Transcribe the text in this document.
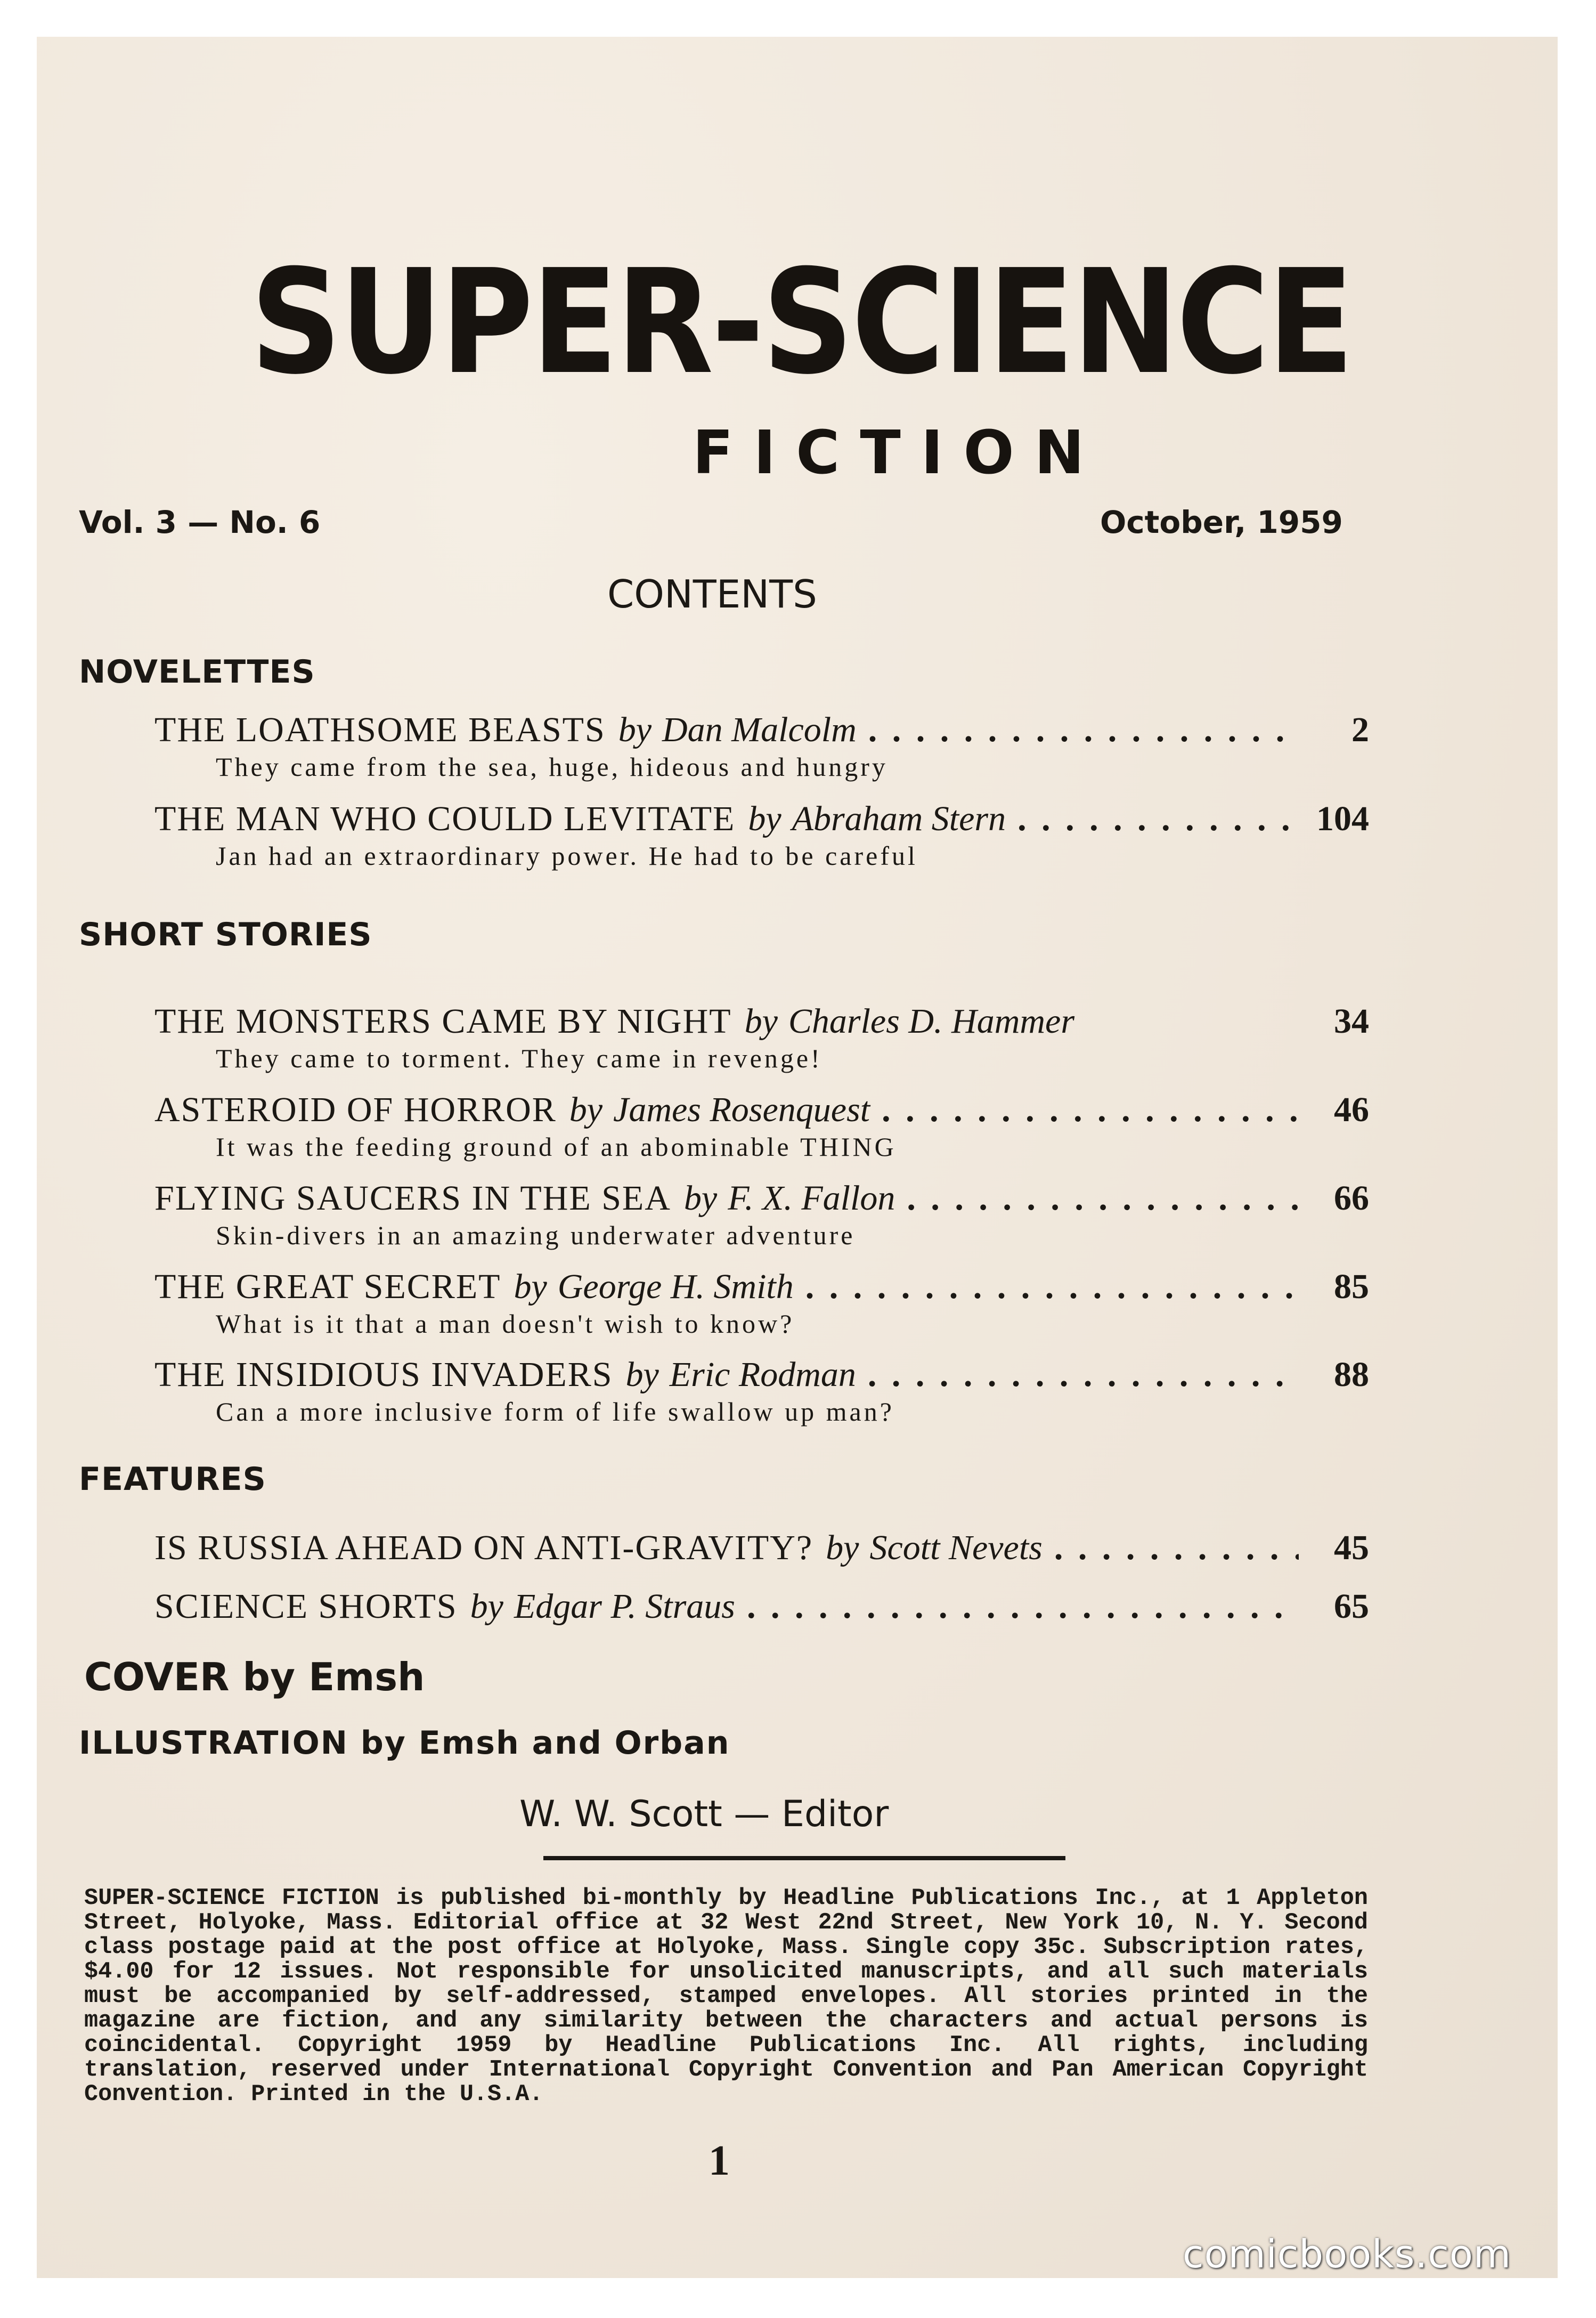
SUPER-SCIENCE
FICTION
Vol. 3 — No. 6	October, 1959
CONTENTS
NOVELETTES
THE LOATHSOME BEASTS by Dan Malcolm . . .	2
They came from the sea, huge, hideous and hungry
THE MAN WHO COULD LEVITATE by Abraham Stern . . .	104
Jan had an extraordinary power. He had to be careful
SHORT STORIES
THE MONSTERS CAME BY NIGHT by Charles D. Hammer	34
They came to torment. They came in revenge!
ASTEROID OF HORROR by James Rosenquest . . .	46
It was the feeding ground of an abominable THING
FLYING SAUCERS IN THE SEA by F. X. Fallon . . .	66
Skin-divers in an amazing underwater adventure
THE GREAT SECRET by George H. Smith . . .	85
What is it that a man doesn't wish to know?
THE INSIDIOUS INVADERS by Eric Rodman . . .	88
Can a more inclusive form of life swallow up man?
FEATURES
IS RUSSIA AHEAD ON ANTI-GRAVITY? by Scott Nevets . . .	45
SCIENCE SHORTS by Edgar P. Straus . . .	65
COVER by Emsh
ILLUSTRATION by Emsh and Orban
W. W. Scott — Editor
SUPER-SCIENCE FICTION is published bi-monthly by Headline Publications Inc., at 1 Appleton Street, Holyoke, Mass. Editorial office at 32 West 22nd Street, New York 10, N. Y. Second class postage paid at the post office at Holyoke, Mass. Single copy 35c. Subscription rates, $4.00 for 12 issues. Not responsible for unsolicited manuscripts, and all such materials must be accompanied by self-addressed, stamped envelopes. All stories printed in the magazine are fiction, and any similarity between the characters and actual persons is coincidental. Copyright 1959 by Headline Publications Inc. All rights, including translation, reserved under International Copyright Convention and Pan American Copyright Convention. Printed in the U.S.A.
1
comicbooks.com
